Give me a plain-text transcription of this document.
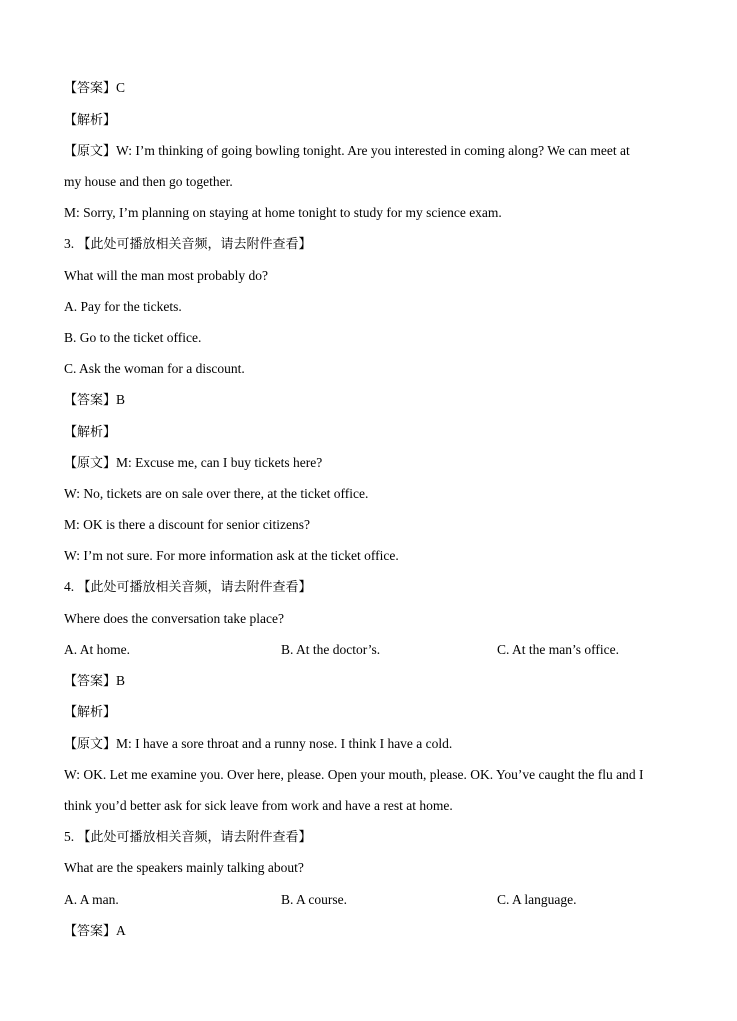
【答案】C
【解析】
【原文】W: I’m thinking of going bowling tonight. Are you interested in coming along? We can meet at
my house and then go together.
M: Sorry, I’m planning on staying at home tonight to study for my science exam.
3. 【此处可播放相关音频，请去附件查看】
What will the man most probably do?
A. Pay for the tickets.
B. Go to the ticket office.
C. Ask the woman for a discount.
【答案】B
【解析】
【原文】M: Excuse me, can I buy tickets here?
W: No, tickets are on sale over there, at the ticket office.
M: OK is there a discount for senior citizens?
W: I’m not sure. For more information ask at the ticket office.
4. 【此处可播放相关音频，请去附件查看】
Where does the conversation take place?
A. At home.	B. At the doctor’s.	C. At the man’s office.
【答案】B
【解析】
【原文】M: I have a sore throat and a runny nose. I think I have a cold.
W: OK. Let me examine you. Over here, please. Open your mouth, please. OK. You’ve caught the flu and I
think you’d better ask for sick leave from work and have a rest at home.
5. 【此处可播放相关音频，请去附件查看】
What are the speakers mainly talking about?
A. A man.	B. A course.	C. A language.
【答案】A
